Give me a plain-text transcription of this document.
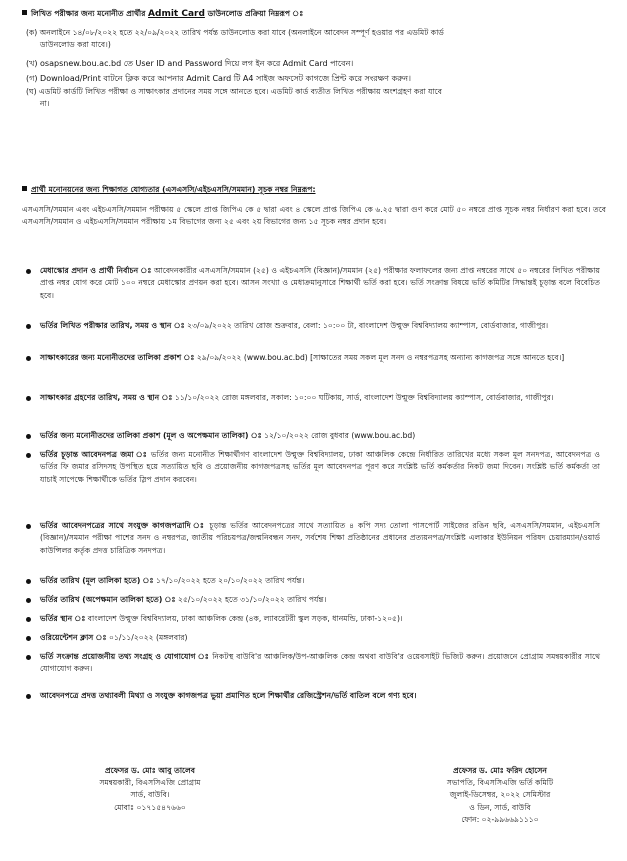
লিখিত পরীক্ষার জন্য মনোনীত প্রার্থীর Admit Card ডাউনলোড প্রক্রিয়া নিম্নরূপ ঃ
(ক) অনলাইনে ১৪/০৮/২০২২ হতে ২২/০৯/২০২২ তারিখ পর্যন্ত ডাউনলোড করা যাবে (অনলাইনে আবেদন সম্পূর্ণ হওয়ার পর এডমিট কার্ড
ডাউনলোড করা যাবে।)
(খ) osapsnew.bou.ac.bd তে User ID and Password দিয়ে লগ ইন করে Admit Card পাবেন।
(গ) Download/Print বাটনে ক্লিক করে আপনার Admit Card টি A4 সাইজ অফসেট কাগজে প্রিন্ট করে সংরক্ষণ করুন।
(ঘ) এডমিট কার্ডটি লিখিত পরীক্ষা ও সাক্ষাৎকার প্রদানের সময় সঙ্গে আনতে হবে। এডমিট কার্ড ব্যতীত লিখিত পরীক্ষায় অংশগ্রহণ করা যাবে
না।
প্রার্থী মনোনয়নের জন্য শিক্ষাগত যোগ্যতার (এসএসসি/এইচএসসি/সমমান) সূচক নম্বর নিম্নরূপ:
এসএসসি/সমমান এবং এইচএসসি/সমমান পরীক্ষায় ৫ স্কেলে প্রাপ্ত জিপিএ কে ৫ দ্বারা এবং ৪ স্কেলে প্রাপ্ত জিপিএ কে ৬.২৫ দ্বারা গুণ করে মোট ৫০ নম্বরে প্রাপ্ত সূচক নম্বর নির্ধারণ করা হবে। তবে এসএসসি/সমমান ও এইচএসসি/সমমান পরীক্ষায় ১ম বিভাগের জন্য ২৫ এবং ২য় বিভাগের জন্য ১৫ সূচক নম্বর প্রদান হবে।
মেধাস্কোর প্রদান ও প্রার্থী নির্বাচন ঃ আবেদনকারীর এসএসসি/সমমান (২৫) ও এইচএসসি (বিজ্ঞান)/সমমান (২৫) পরীক্ষার ফলাফলের জন্য প্রাপ্ত নম্বরের সাথে ৫০ নম্বরের লিখিত পরীক্ষায় প্রাপ্ত নম্বর যোগ করে মোট ১০০ নম্বরে মেধাস্কোর প্রণয়ন করা হবে। আসন সংখ্যা ও মেধাক্রমানুসারে শিক্ষার্থী ভর্তি করা হবে। ভর্তি সংক্রান্ত বিষয়ে ভর্তি কমিটির সিদ্ধান্তই চূড়ান্ত বলে বিবেচিত হবে।
ভর্তির লিখিত পরীক্ষার তারিখ, সময় ও স্থান ঃ ২৩/০৯/২০২২ তারিখ রোজ শুক্রবার, বেলা: ১০:০০ টা, বাংলাদেশ উন্মুক্ত বিশ্ববিদ্যালয় ক্যাম্পাস, বোর্ডবাজার, গাজীপুর।
সাক্ষাৎকারের জন্য মনোনীতদের তালিকা প্রকাশ ঃ ২৯/০৯/২০২২ (www.bou.ac.bd) [সাক্ষাতের সময় সকল মূল সনদ ও নম্বরপত্রসহ অন্যান্য কাগজপত্র সঙ্গে আনতে হবে।]
সাক্ষাৎকার গ্রহণের তারিখ, সময় ও স্থান ঃ ১১/১০/২০২২ রোজ মঙ্গলবার, সকাল: ১০:০০ ঘটিকায়, সার্ড, বাংলাদেশ উন্মুক্ত বিশ্ববিদ্যালয় ক্যাম্পাস, বোর্ডবাজার, গাজীপুর।
ভর্তির জন্য মনোনীতদের তালিকা প্রকাশ (মূল ও অপেক্ষমান তালিকা) ঃ ১২/১০/২০২২ রোজ বুধবার (www.bou.ac.bd)
ভর্তির চূড়ান্ত আবেদনপত্র জমা ঃ ভর্তির জন্য মনোনীত শিক্ষার্থীগণ বাংলাদেশ উন্মুক্ত বিশ্ববিদ্যালয়, ঢাকা আঞ্চলিক কেন্দ্রে নির্ধারিত তারিখের মধ্যে সকল মূল সনদপত্র, আবেদনপত্র ও ভর্তির ফি জমার রসিদসহ উপস্থিত হয়ে সত্যায়িত ছবি ও প্রয়োজনীয় কাগজপত্রসহ ভর্তির মূল আবেদনপত্র পূরণ করে সংশ্লিষ্ট ভর্তি কর্মকর্তার নিকট জমা দিবেন। সংশ্লিষ্ট ভর্তি কর্মকর্তা তা যাচাই সাপেক্ষে শিক্ষার্থীকে ভর্তির স্লিপ প্রদান করবেন।
ভর্তির আবেদনপত্রের সাথে সংযুক্ত কাগজপত্রাদি ঃ চূড়ান্ত ভর্তির আবেদনপত্রের সাথে সত্যায়িত ৪ কপি সদ্য তোলা পাসপোর্ট সাইজের রঙিন ছবি, এসএসসি/সমমান, এইচএসসি (বিজ্ঞান)/সমমান পরীক্ষা পাশের সনদ ও নম্বরপত্র, জাতীয় পরিচয়পত্র/জন্মনিবন্ধন সনদ, সর্বশেষ শিক্ষা প্রতিষ্ঠানের প্রধানের প্রত্যয়নপত্র/সংশ্লিষ্ট এলাকার ইউনিয়ন পরিষদ চেয়ারম্যান/ওয়ার্ড কাউন্সিলর কর্তৃক প্রদত্ত চারিত্রিক সনদপত্র।
ভর্তির তারিখ (মূল তালিকা হতে) ঃ ১৭/১০/২০২২ হতে ২০/১০/২০২২ তারিখ পর্যন্ত।
ভর্তির তারিখ (অপেক্ষমান তালিকা হতে) ঃ ২৫/১০/২০২২ হতে ৩১/১০/২০২২ তারিখ পর্যন্ত।
ভর্তির স্থান ঃ বাংলাদেশ উন্মুক্ত বিশ্ববিদ্যালয়, ঢাকা আঞ্চলিক কেন্দ্র (৪ক, ল্যাবরেটরী স্কুল সড়ক, ধানমন্ডি, ঢাকা-১২০৫)।
ওরিয়েন্টেশন ক্লাস ঃ ০১/১১/২০২২ (মঙ্গলবার)
ভর্তি সংক্রান্ত প্রয়োজনীয় তথ্য সংগ্রহ ও যোগাযোগ ঃ নিকটস্থ বাউবি'র আঞ্চলিক/উপ-আঞ্চলিক কেন্দ্র অথবা বাউবি'র ওয়েবসাইট ভিজিট করুন। প্রয়োজনে প্রোগ্রাম সমন্বয়কারীর সাথে যোগাযোগ করুন।
আবেদনপত্রে প্রদত্ত তথ্যাবলী মিথ্যা ও সংযুক্ত কাগজপত্র ভুয়া প্রমাণিত হলে শিক্ষার্থীর রেজিস্ট্রেশন/ভর্তি বাতিল বলে গণ্য হবে।
প্রফেসর ড. মোঃ আবু তালেব
সমন্বয়কারী, বিএসসিএজি প্রোগ্রাম
সার্ড, বাউবি।
মোবাঃ ০১৭১৫৪৭৬৬০
প্রফেসর ড. মোঃ ফরিদ হোসেন
সভাপতি, বিএসসিএজি ভর্তি কমিটি
জুলাই-ডিসেম্বর, ২০২২ সেমিস্টার
ও ডিন, সার্ড, বাউবি
ফোন: ০২-৯৯৬৬৯১১১০
